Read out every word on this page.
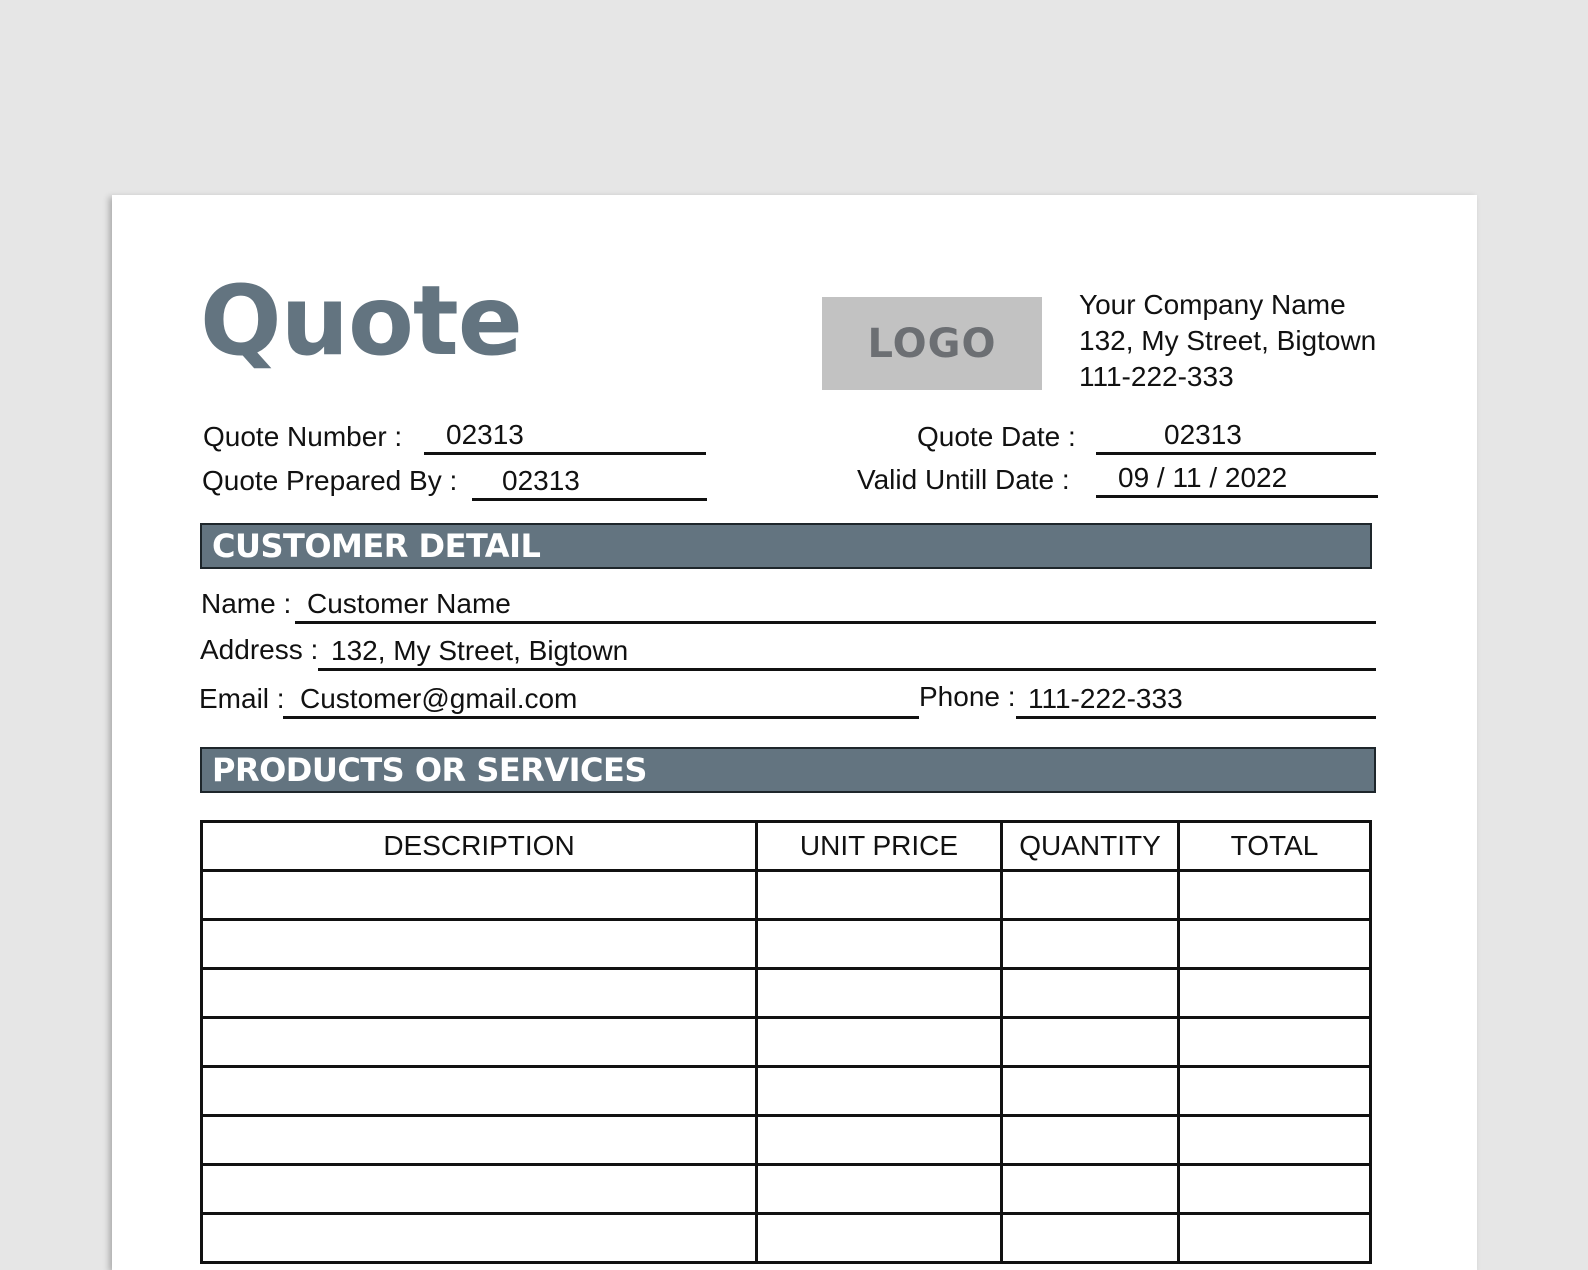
Quote	LOGO
Your Company Name
132, My Street, Bigtown
111-222-333
Quote Number :	02313
Quote Prepared By :	02313
Quote Date :	02313
Valid Untill Date :	09 / 11 / 2022
CUSTOMER DETAIL
Name : Customer Name
Address : 132, My Street, Bigtown
Email : Customer@gmail.com	Phone : 111-222-333
PRODUCTS OR SERVICES
DESCRIPTION	UNIT PRICE	QUANTITY	TOTAL
